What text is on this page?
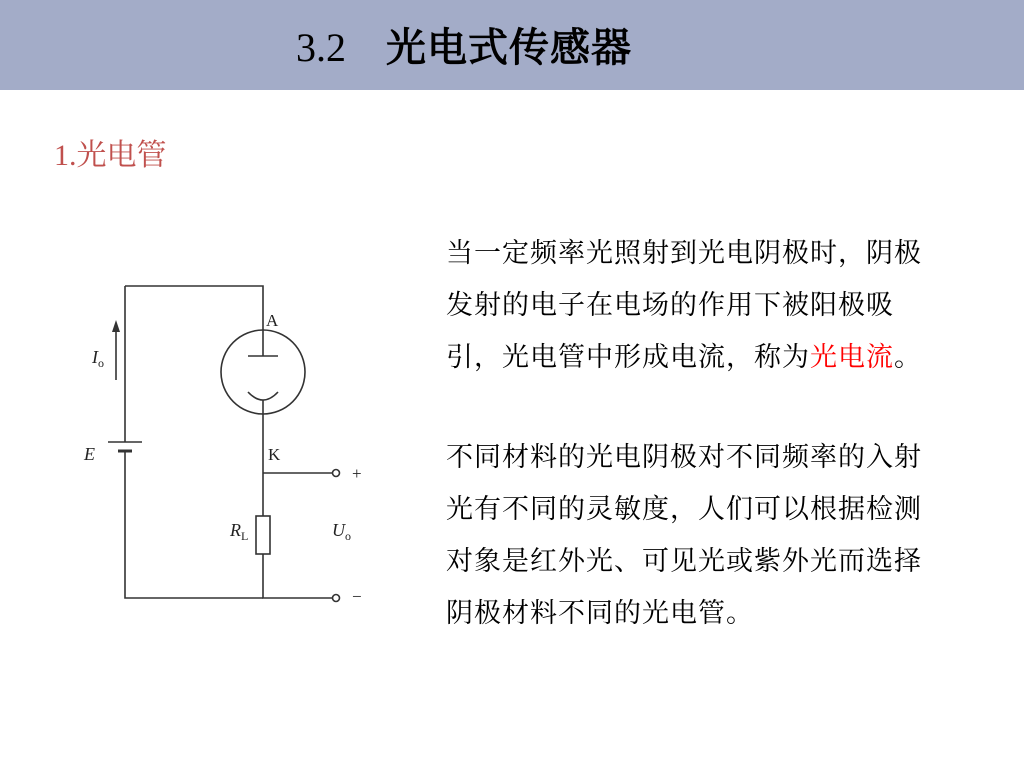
3.2 光电式传感器
1.光电管
A
K
$I_o$
E
$R_L$	$U_o$
+
−

当一定频率光照射到光电阴极时，阴极发射的电子在电场的作用下被阳极吸引，光电管中形成电流，称为光电流。

不同材料的光电阴极对不同频率的入射光有不同的灵敏度，人们可以根据检测对象是红外光、可见光或紫外光而选择阴极材料不同的光电管。
